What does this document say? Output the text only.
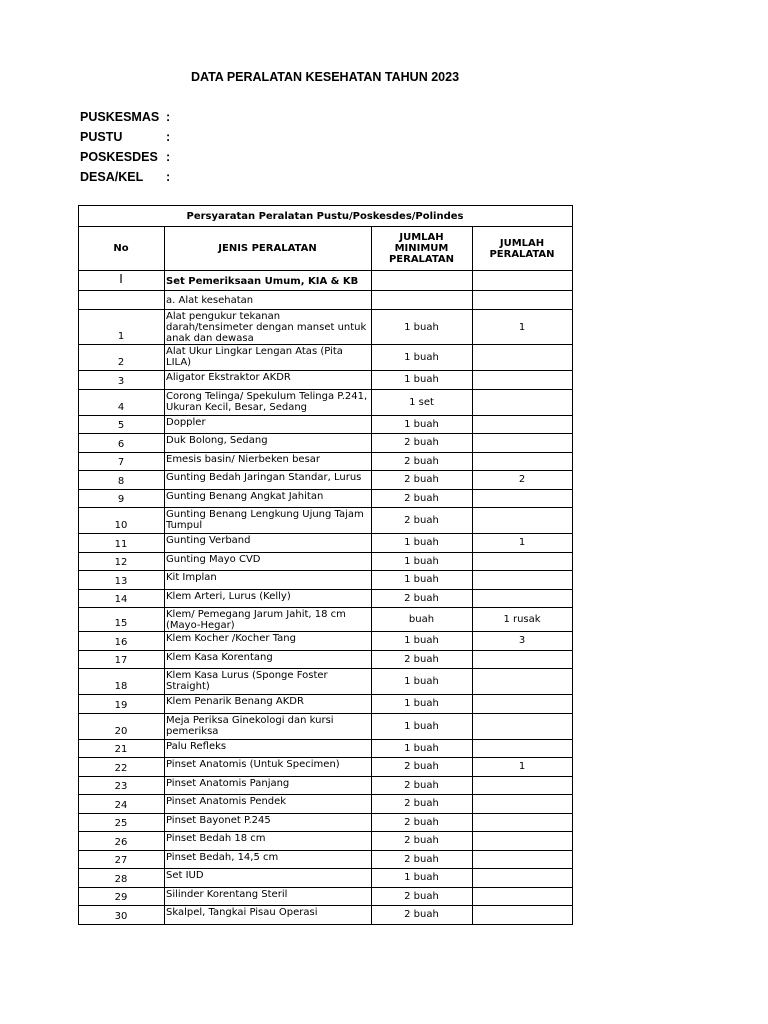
DATA PERALATAN KESEHATAN TAHUN 2023
PUSKESMAS :
PUSTU	:
POSKESDES :
DESA/KEL :
Persyaratan Peralatan Pustu/Poskesdes/Polindes			
No	JENIS PERALATAN	JUMLAH MINIMUM PERALATAN	JUMLAH PERALATAN
I	Set Pemeriksaan Umum, KIA & KB		
	a. Alat kesehatan		
1	Alat pengukur tekanan darah/tensimeter dengan manset untuk anak dan dewasa	1 buah	1
2	Alat Ukur Lingkar Lengan Atas (Pita LILA)	1 buah	
3	Aligator Ekstraktor AKDR	1 buah	
4	Corong Telinga/ Spekulum Telinga P.241, Ukuran Kecil, Besar, Sedang	1 set	
5	Doppler	1 buah	
6	Duk Bolong, Sedang	2 buah	
7	Emesis basin/ Nierbeken besar	2 buah	
8	Gunting Bedah Jaringan Standar, Lurus	2 buah	2
9	Gunting Benang Angkat Jahitan	2 buah	
10	Gunting Benang Lengkung Ujung Tajam Tumpul	2 buah	
11	Gunting Verband	1 buah	1
12	Gunting Mayo CVD	1 buah	
13	Kit Implan	1 buah	
14	Klem Arteri, Lurus (Kelly)	2 buah	
15	Klem/ Pemegang Jarum Jahit, 18 cm (Mayo-Hegar)	buah	1 rusak
16	Klem Kocher /Kocher Tang	1 buah	3
17	Klem Kasa Korentang	2 buah	
18	Klem Kasa Lurus (Sponge Foster Straight)	1 buah	
19	Klem Penarik Benang AKDR	1 buah	
20	Meja Periksa Ginekologi dan kursi pemeriksa	1 buah	
21	Palu Refleks	1 buah	
22	Pinset Anatomis (Untuk Specimen)	2 buah	1
23	Pinset Anatomis Panjang	2 buah	
24	Pinset Anatomis Pendek	2 buah	
25	Pinset Bayonet P.245	2 buah	
26	Pinset Bedah 18 cm	2 buah	
27	Pinset Bedah, 14,5 cm	2 buah	
28	Set IUD	1 buah	
29	Silinder Korentang Steril	2 buah	
30	Skalpel, Tangkai Pisau Operasi	2 buah	
